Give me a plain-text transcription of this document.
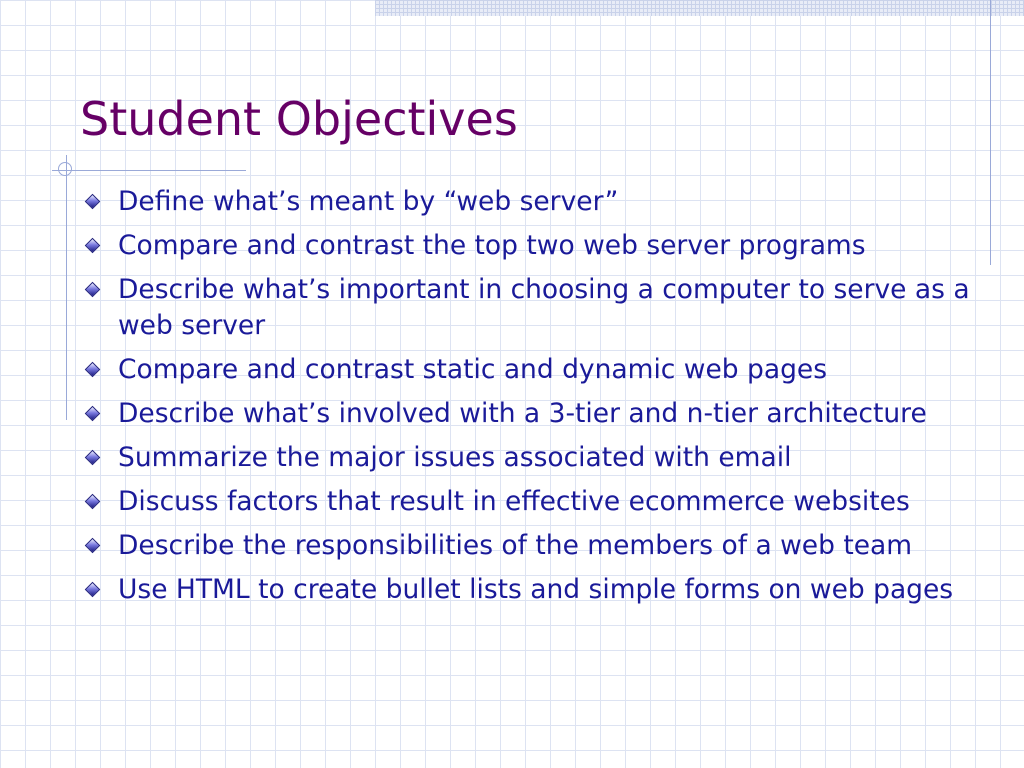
Student Objectives
Define what’s meant by “web server”
Compare and contrast the top two web server programs
Describe what’s important in choosing a computer to serve as a web server
Compare and contrast static and dynamic web pages
Describe what’s involved with a 3-tier and n-tier architecture
Summarize the major issues associated with email
Discuss factors that result in effective ecommerce websites
Describe the responsibilities of the members of a web team
Use HTML to create bullet lists and simple forms on web pages
